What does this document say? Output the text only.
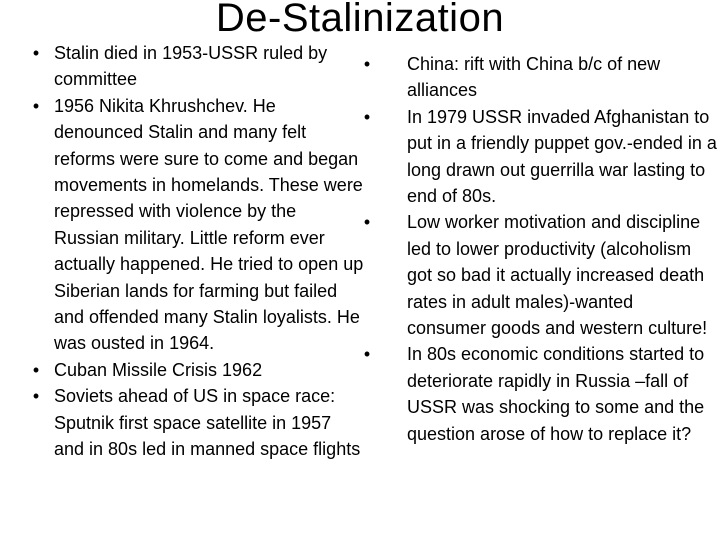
De-Stalinization
• Stalin died in 1953-USSR ruled by committee
• 1956 Nikita Khrushchev. He denounced Stalin and many felt reforms were sure to come and began movements in homelands. These were repressed with violence by the Russian military. Little reform ever actually happened. He tried to open up Siberian lands for farming but failed and offended many Stalin loyalists. He was ousted in 1964.
• Cuban Missile Crisis 1962
• Soviets ahead of US in space race: Sputnik first space satellite in 1957 and in 80s led in manned space flights
•	China: rift with China b/c of new alliances
•	In 1979 USSR invaded Afghanistan to put in a friendly puppet gov.-ended in a long drawn out guerrilla war lasting to end of 80s.
•	Low worker motivation and discipline led to lower productivity (alcoholism got so bad it actually increased death rates in adult males)-wanted consumer goods and western culture!
•	In 80s economic conditions started to deteriorate rapidly in Russia –fall of USSR was shocking to some and the question arose of how to replace it?
